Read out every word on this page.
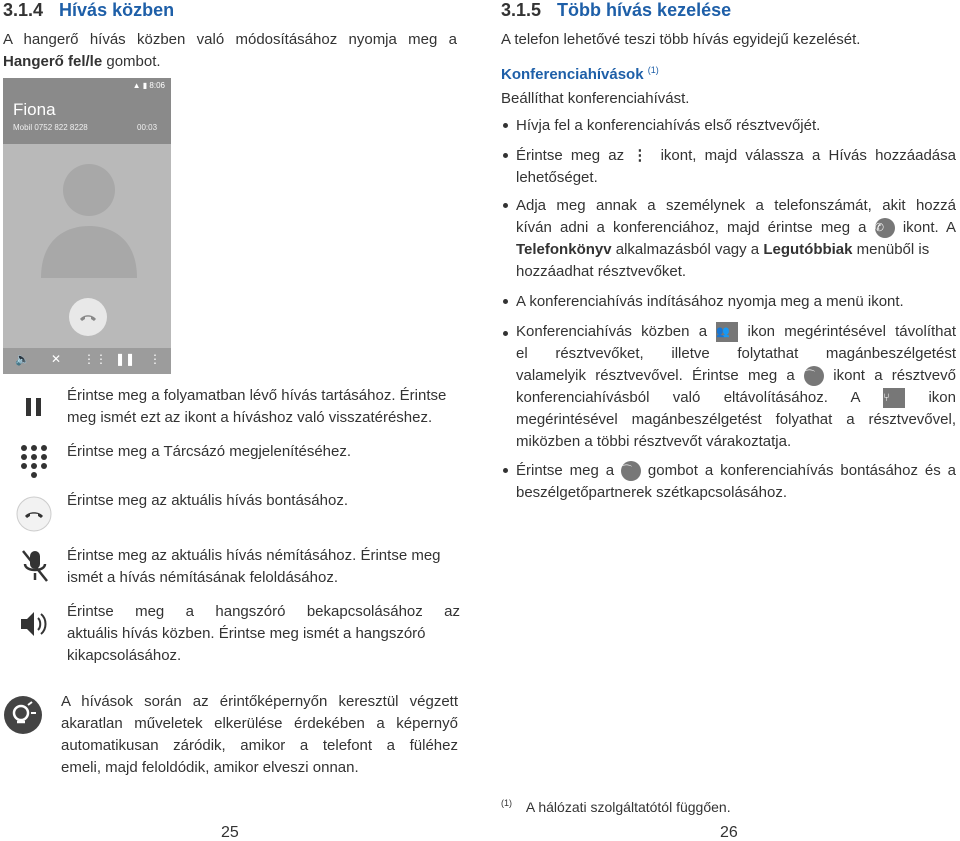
3.1.4 Hívás közben
A hangerő hívás közben való módosításához nyomja meg a
Hangerő fel/le gombot.
▲ ▮ 8:06
Fiona
Mobil 0752 822 8228	00:03
🔈 ✕ ⋮⋮ ❚❚ ⋮
Érintse meg a folyamatban lévő hívás tartásához. Érintse
meg ismét ezt az ikont a híváshoz való visszatéréshez.
Érintse meg a Tárcsázó megjelenítéséhez.
Érintse meg az aktuális hívás bontásához.
Érintse meg az aktuális hívás némításához. Érintse meg
ismét a hívás némításának feloldásához.
Érintse meg a hangszóró bekapcsolásához az
aktuális hívás közben. Érintse meg ismét a hangszóró
kikapcsolásához.
A hívások során az érintőképernyőn keresztül végzett
akaratlan műveletek elkerülése érdekében a képernyő
automatikusan záródik, amikor a telefont a füléhez
emeli, majd feloldódik, amikor elveszi onnan.
25
3.1.5 Több hívás kezelése
A telefon lehetővé teszi több hívás egyidejű kezelését.
Konferenciahívások $^{(1)}$
Beállíthat konferenciahívást.
Hívja fel a konferenciahívás első résztvevőjét.
Érintse meg az ⋮ ikont, majd válassza a Hívás hozzáadása
lehetőséget.
Adja meg annak a személynek a telefonszámát, akit hozzá
kíván adni a konferenciához, majd érintse meg a ✆ ikont. A
Telefonkönyv alkalmazásból vagy a Legutóbbiak menüből is
hozzáadhat résztvevőket.
A konferenciahívás indításához nyomja meg a menü ikont.
Konferenciahívás közben a 👥 ikon megérintésével távolíthat
el résztvevőket, illetve folytathat magánbeszélgetést
valamelyik résztvevővel. Érintse meg a ⌒ ikont a résztvevő
konferenciahívásból való eltávolításához. A ⑂	ikon
megérintésével magánbeszélgetést folyathat a résztvevővel,
miközben a többi résztvevőt várakoztatja.
Érintse meg a ⌒ gombot a konferenciahívás bontásához és a
beszélgetőpartnerek szétkapcsolásához.
$^{(1)}$ A hálózati szolgáltatótól függően.
26
